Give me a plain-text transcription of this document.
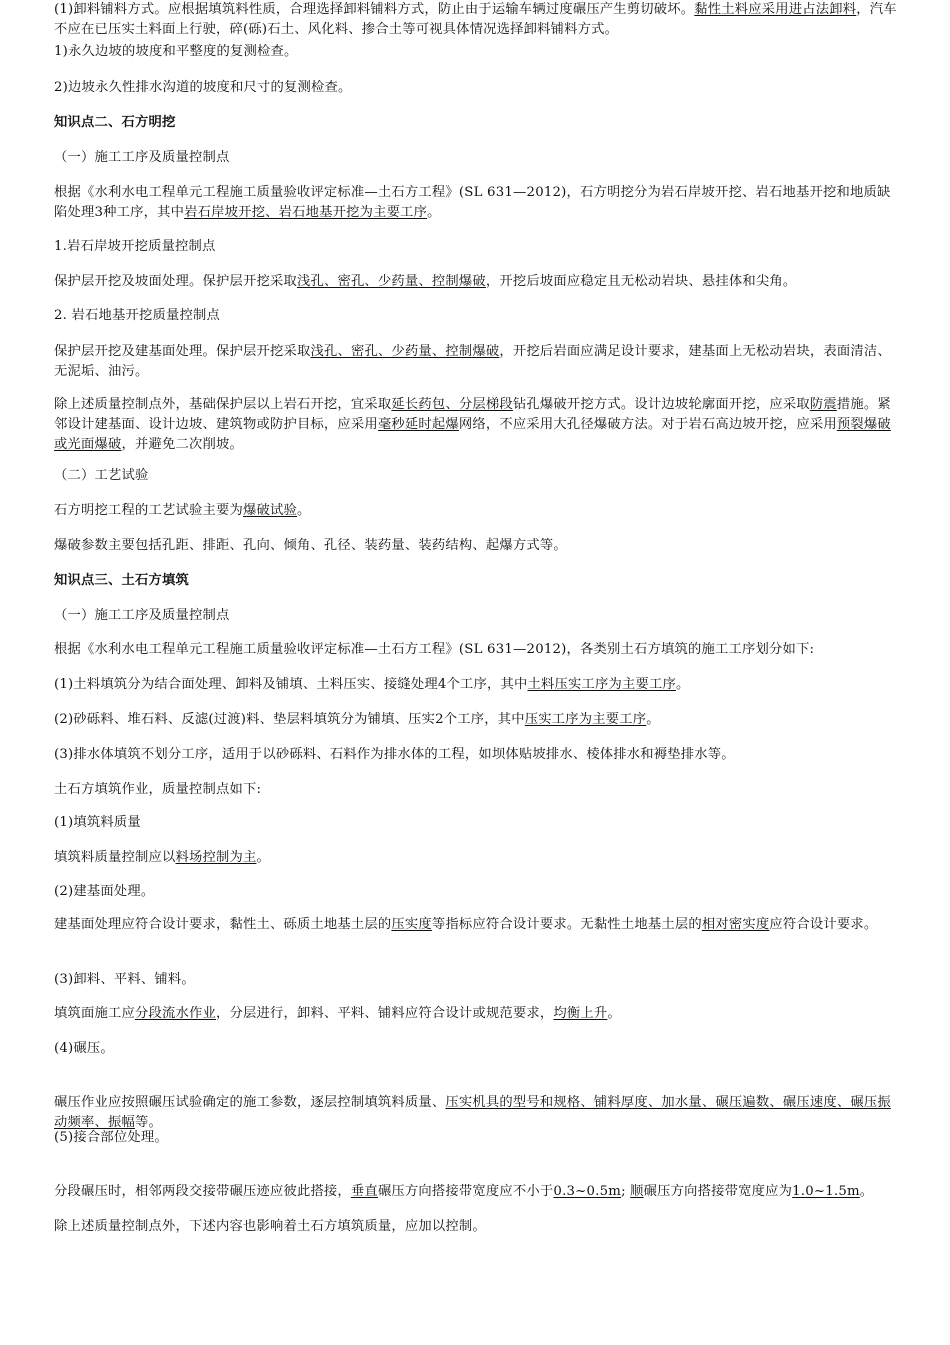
1)永久边坡的坡度和平整度的复测检查。
2)边坡永久性排水沟道的坡度和尺寸的复测检查。
知识点二、石方明挖
（一）施工工序及质量控制点
根据《水利水电工程单元工程施工质量验收评定标准—土石方工程》(SL 631—2012)，石方明挖分为岩石岸坡开挖、岩石地基开挖和地质缺陷处理3种工序，其中岩石岸坡开挖、岩石地基开挖为主要工序。
1.岩石岸坡开挖质量控制点
保护层开挖及坡面处理。保护层开挖采取浅孔、密孔、少药量、控制爆破，开挖后坡面应稳定且无松动岩块、悬挂体和尖角。
2. 岩石地基开挖质量控制点
保护层开挖及建基面处理。保护层开挖采取浅孔、密孔、少药量、控制爆破，开挖后岩面应满足设计要求，建基面上无松动岩块，表面清洁、无泥垢、油污。
除上述质量控制点外，基础保护层以上岩石开挖，宜采取延长药包、分层梯段钻孔爆破开挖方式。设计边坡轮廓面开挖，应采取防震措施。紧邻设计建基面、设计边坡、建筑物或防护目标，应采用毫秒延时起爆网络，不应采用大孔径爆破方法。对于岩石高边坡开挖，应采用预裂爆破或光面爆破，并避免二次削坡。
（二）工艺试验
石方明挖工程的工艺试验主要为爆破试验。
爆破参数主要包括孔距、排距、孔向、倾角、孔径、装药量、装药结构、起爆方式等。
知识点三、土石方填筑
（一）施工工序及质量控制点
根据《水利水电工程单元工程施工质量验收评定标准—土石方工程》(SL 631—2012)，各类别土石方填筑的施工工序划分如下:
(1)土料填筑分为结合面处理、卸料及铺填、土料压实、接缝处理4个工序，其中土料压实工序为主要工序。
(2)砂砾料、堆石料、反滤(过渡)料、垫层料填筑分为铺填、压实2个工序，其中压实工序为主要工序。
(3)排水体填筑不划分工序，适用于以砂砾料、石料作为排水体的工程，如坝体贴坡排水、棱体排水和褥垫排水等。
土石方填筑作业，质量控制点如下:
(1)填筑料质量
填筑料质量控制应以料场控制为主。
(2)建基面处理。
建基面处理应符合设计要求，黏性土、砾质土地基土层的压实度等指标应符合设计要求。无黏性土地基土层的相对密实度应符合设计要求。
(3)卸料、平料、铺料。
填筑面施工应分段流水作业，分层进行，卸料、平料、铺料应符合设计或规范要求，均衡上升。
(4)碾压。
碾压作业应按照碾压试验确定的施工参数，逐层控制填筑料质量、压实机具的型号和规格、铺料厚度、加水量、碾压遍数、碾压速度、碾压振动频率、振幅等。
(5)接合部位处理。
分段碾压时，相邻两段交接带碾压迹应彼此搭接，垂直碾压方向搭接带宽度应不小于0.3~0.5m; 顺碾压方向搭接带宽度应为1.0~1.5m。
除上述质量控制点外，下述内容也影响着土石方填筑质量，应加以控制。
(1)卸料铺料方式。应根据填筑料性质，合理选择卸料铺料方式，防止由于运输车辆过度碾压产生剪切破坏。黏性土料应采用进占法卸料，汽车不应在已压实土料面上行驶，碎(砾)石土、风化料、掺合土等可视具体情况选择卸料铺料方式。
